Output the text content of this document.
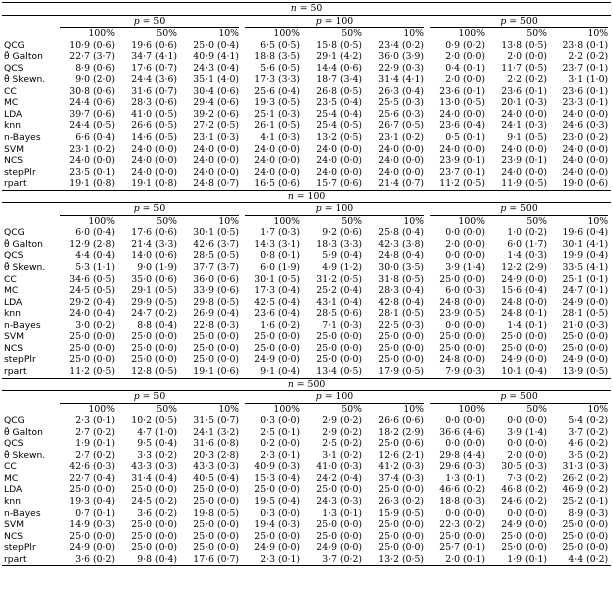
n = 50									

	p = 50			p = 100			p = 500		

	100%	50%	10%	100%	50%	10%	100%	50%	10%
QCG	10·9 (0·6)	19·6 (0·6)	25·0 (0·4)	6·5 (0·5)	15·8 (0·5)	23·4 (0·2)	0·9 (0·2)	13·8 (0·5)	23·8 (0·1)
θ̂ Galton	22·7 (3·7)	34·7 (4·1)	40·9 (4·1)	18·8 (3·5)	29·1 (4·2)	36·0 (3·9)	2·0 (0·0)	2·0 (0·0)	2·2 (0·2)
QCS	8·9 (0·6)	17·6 (0·7)	24·3 (0·4)	5·6 (0·5)	14·4 (0·6)	22·9 (0·3)	0·4 (0·1)	11·7 (0·5)	23·7 (0·1)
θ̂ Skewn.	9·0 (2·0)	24·4 (3·6)	35·1 (4·0)	17·3 (3·3)	18·7 (3·4)	31·4 (4·1)	2·0 (0·0)	2·2 (0·2)	3·1 (1·0)
CC	30·8 (0·6)	31·6 (0·7)	30·4 (0·6)	25·6 (0·4)	26·8 (0·5)	26·3 (0·4)	23·6 (0·1)	23·6 (0·1)	23·6 (0·1)
MC	24·4 (0·6)	28·3 (0·6)	29·4 (0·6)	19·3 (0·5)	23·5 (0·4)	25·5 (0·3)	13·0 (0·5)	20·1 (0·3)	23·3 (0·1)
LDA	39·7 (0·6)	41·0 (0·5)	39·2 (0·6)	25·1 (0·3)	25·4 (0·4)	25·6 (0·3)	24·0 (0·0)	24·0 (0·0)	24·0 (0·0)
knn	24·4 (0·5)	26·6 (0·5)	27·2 (0·5)	26·1 (0·5)	25·4 (0·5)	26·7 (0·5)	23·6 (0·4)	24·1 (0·3)	24·6 (0·3)
n-Bayes	6·6 (0·4)	14·6 (0·5)	23·1 (0·3)	4·1 (0·3)	13·2 (0·5)	23·1 (0·2)	0·5 (0·1)	9·1 (0·5)	23·0 (0·2)
SVM	23·1 (0·2)	24·0 (0·0)	24·0 (0·0)	24·0 (0·0)	24·0 (0·0)	24·0 (0·0)	24·0 (0·0)	24·0 (0·0)	24·0 (0·0)
NCS	24·0 (0·0)	24·0 (0·0)	24·0 (0·0)	24·0 (0·0)	24·0 (0·0)	24·0 (0·0)	23·9 (0·1)	23·9 (0·1)	24·0 (0·0)
stepPlr	23·5 (0·1)	24·0 (0·0)	24·0 (0·0)	24·0 (0·0)	24·0 (0·0)	24·0 (0·0)	23·7 (0·1)	24·0 (0·0)	24·0 (0·0)
rpart	19·1 (0·8)	19·1 (0·8)	24·8 (0·7)	16·5 (0·6)	15·7 (0·6)	21·4 (0·7)	11·2 (0·5)	11·9 (0·5)	19·0 (0·6)
n = 100									

	p = 50			p = 100			p = 500		

	100%	50%	10%	100%	50%	10%	100%	50%	10%
QCG	6·0 (0·4)	17·6 (0·6)	30·1 (0·5)	1·7 (0·3)	9·2 (0·6)	25·8 (0·4)	0·0 (0·0)	1·0 (0·2)	19·6 (0·4)
θ̂ Galton	12·9 (2·8)	21·4 (3·3)	42·6 (3·7)	14·3 (3·1)	18·3 (3·3)	42·3 (3·8)	2·0 (0·0)	6·0 (1·7)	30·1 (4·1)
QCS	4·4 (0·4)	14·0 (0·6)	28·5 (0·5)	0·8 (0·1)	5·9 (0·4)	24·8 (0·4)	0·0 (0·0)	1·4 (0·3)	19·9 (0·4)
θ̂ Skewn.	5·3 (1·1)	9·0 (1·9)	37·7 (3·7)	6·0 (1·9)	4·9 (1·2)	30·0 (3·5)	3·9 (1·4)	12·2 (2·9)	33·5 (4·1)
CC	34·6 (0·5)	35·0 (0·6)	36·0 (0·6)	30·1 (0·5)	31·2 (0·5)	31·8 (0·5)	25·0 (0·0)	24·9 (0·0)	25·1 (0·1)
MC	24·5 (0·5)	29·1 (0·5)	33·9 (0·6)	17·3 (0·4)	25·2 (0·4)	28·3 (0·4)	6·0 (0·3)	15·6 (0·4)	24·7 (0·1)
LDA	29·2 (0·4)	29·9 (0·5)	29·8 (0·5)	42·5 (0·4)	43·1 (0·4)	42·8 (0·4)	24·8 (0·0)	24·8 (0·0)	24·9 (0·0)
knn	24·0 (0·4)	24·7 (0·2)	26·9 (0·4)	23·6 (0·4)	28·5 (0·6)	28·1 (0·5)	23·9 (0·5)	24·8 (0·1)	28·1 (0·5)
n-Bayes	3·0 (0·2)	8·8 (0·4)	22·8 (0·3)	1·6 (0·2)	7·1 (0·3)	22·5 (0·3)	0·0 (0·0)	1·4 (0·1)	21·0 (0·3)
SVM	25·0 (0·0)	25·0 (0·0)	25·0 (0·0)	25·0 (0·0)	25·0 (0·0)	25·0 (0·0)	25·0 (0·0)	25·0 (0·0)	25·0 (0·0)
NCS	25·0 (0·0)	25·0 (0·0)	25·0 (0·0)	25·0 (0·0)	25·0 (0·0)	25·0 (0·0)	25·0 (0·0)	25·0 (0·0)	25·0 (0·0)
stepPlr	25·0 (0·0)	25·0 (0·0)	25·0 (0·0)	24·9 (0·0)	25·0 (0·0)	25·0 (0·0)	24·8 (0·0)	24·9 (0·0)	24·9 (0·0)
rpart	11·2 (0·5)	12·8 (0·5)	19·1 (0·6)	9·1 (0·4)	13·4 (0·5)	17·9 (0·5)	7·9 (0·3)	10·1 (0·4)	13·9 (0·5)
n = 500									

	p = 50			p = 100			p = 500		

	100%	50%	10%	100%	50%	10%	100%	50%	10%
QCG	2·3 (0·1)	10·2 (0·5)	31·5 (0·7)	0·3 (0·0)	2·9 (0·2)	26·6 (0·6)	0·0 (0·0)	0·0 (0·0)	5·4 (0·2)
θ̂ Galton	2·7 (0·2)	4·7 (1·0)	24·1 (3·2)	2·5 (0·1)	2·9 (0·2)	18·2 (2·9)	36·6 (4·6)	3·9 (1·4)	3·7 (0·2)
QCS	1·9 (0·1)	9·5 (0·4)	31·6 (0·8)	0·2 (0·0)	2·5 (0·2)	25·0 (0·6)	0·0 (0·0)	0·0 (0·0)	4·6 (0·2)
θ̂ Skewn.	2·7 (0·2)	3·3 (0·2)	20·3 (2·8)	2·3 (0·1)	3·1 (0·2)	12·6 (2·1)	29·8 (4·4)	2·0 (0·0)	3·5 (0·2)
CC	42·6 (0·3)	43·3 (0·3)	43·3 (0·3)	40·9 (0·3)	41·0 (0·3)	41·2 (0·3)	29·6 (0·3)	30·5 (0·3)	31·3 (0·3)
MC	22·7 (0·4)	31·4 (0·4)	40·5 (0·4)	15·3 (0·4)	24·2 (0·4)	37·4 (0·3)	1·3 (0·1)	7·3 (0·2)	26·2 (0·2)
LDA	25·0 (0·0)	25·0 (0·0)	25·0 (0·0)	25·0 (0·0)	25·0 (0·0)	25·0 (0·0)	46·6 (0·2)	46·8 (0·2)	46·9 (0·2)
knn	19·3 (0·4)	24·5 (0·2)	25·0 (0·0)	19·5 (0·4)	24·3 (0·3)	26·3 (0·2)	18·8 (0·3)	24·6 (0·2)	25·2 (0·1)
n-Bayes	0·7 (0·1)	3·6 (0·2)	19·8 (0·5)	0·3 (0·0)	1·3 (0·1)	15·9 (0·5)	0·0 (0·0)	0·0 (0·0)	8·9 (0·3)
SVM	14·9 (0·3)	25·0 (0·0)	25·0 (0·0)	19·4 (0·3)	25·0 (0·0)	25·0 (0·0)	22·3 (0·2)	24·9 (0·0)	25·0 (0·0)
NCS	25·0 (0·0)	25·0 (0·0)	25·0 (0·0)	25·0 (0·0)	25·0 (0·0)	25·0 (0·0)	25·0 (0·0)	25·0 (0·0)	25·0 (0·0)
stepPlr	24·9 (0·0)	25·0 (0·0)	25·0 (0·0)	24·9 (0·0)	24·9 (0·0)	25·0 (0·0)	25·7 (0·1)	25·0 (0·0)	25·0 (0·0)
rpart	3·6 (0·2)	9·8 (0·4)	17·6 (0·7)	2·3 (0·1)	3·7 (0·2)	13·2 (0·5)	2·0 (0·1)	1·9 (0·1)	4·4 (0·2)
